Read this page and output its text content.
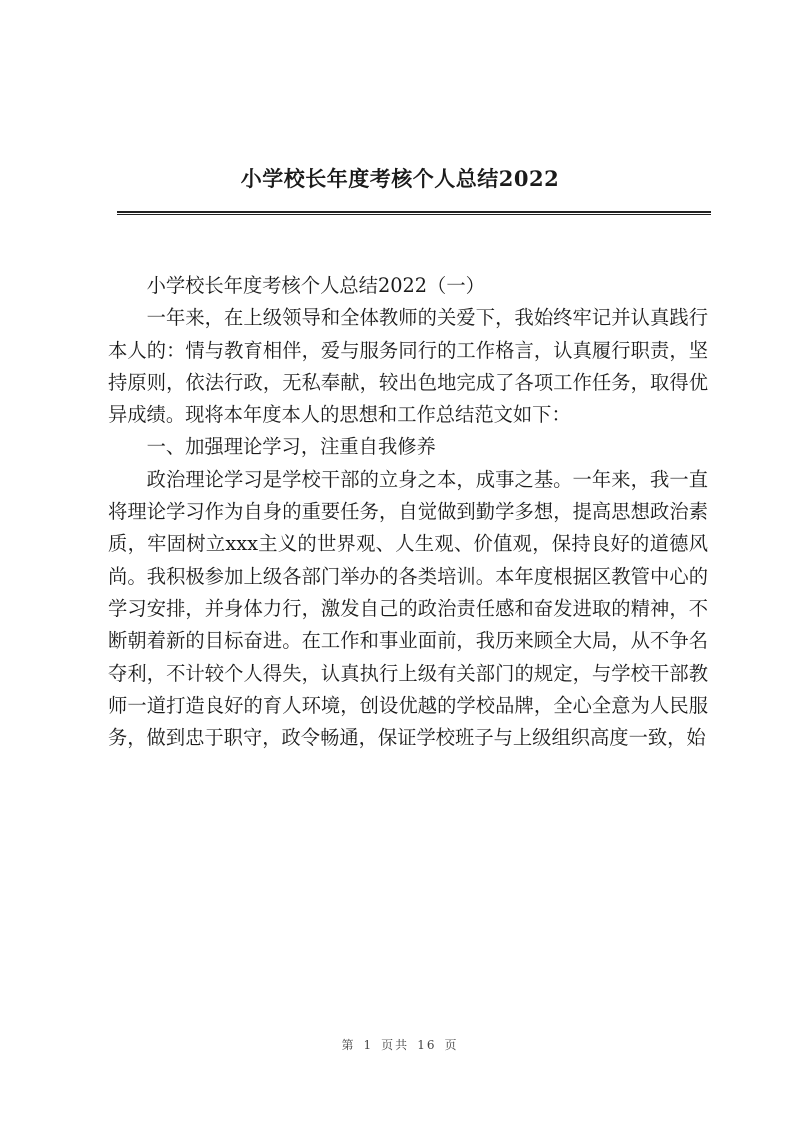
小学校长年度考核个人总结2022

小学校长年度考核个人总结2022（一）

一年来，在上级领导和全体教师的关爱下，我始终牢记并认真践行本人的：情与教育相伴，爱与服务同行的工作格言，认真履行职责，坚持原则，依法行政，无私奉献，较出色地完成了各项工作任务，取得优异成绩。现将本年度本人的思想和工作总结范文如下：

一、加强理论学习，注重自我修养

政治理论学习是学校干部的立身之本，成事之基。一年来，我一直将理论学习作为自身的重要任务，自觉做到勤学多想，提高思想政治素质，牢固树立xxx主义的世界观、人生观、价值观，保持良好的道德风尚。我积极参加上级各部门举办的各类培训。本年度根据区教管中心的学习安排，并身体力行，激发自己的政治责任感和奋发进取的精神，不断朝着新的目标奋进。在工作和事业面前，我历来顾全大局，从不争名夺利，不计较个人得失，认真执行上级有关部门的规定，与学校干部教师一道打造良好的育人环境，创设优越的学校品牌，全心全意为人民服务，做到忠于职守，政令畅通，保证学校班子与上级组织高度一致，始

第 1 页共 16 页
